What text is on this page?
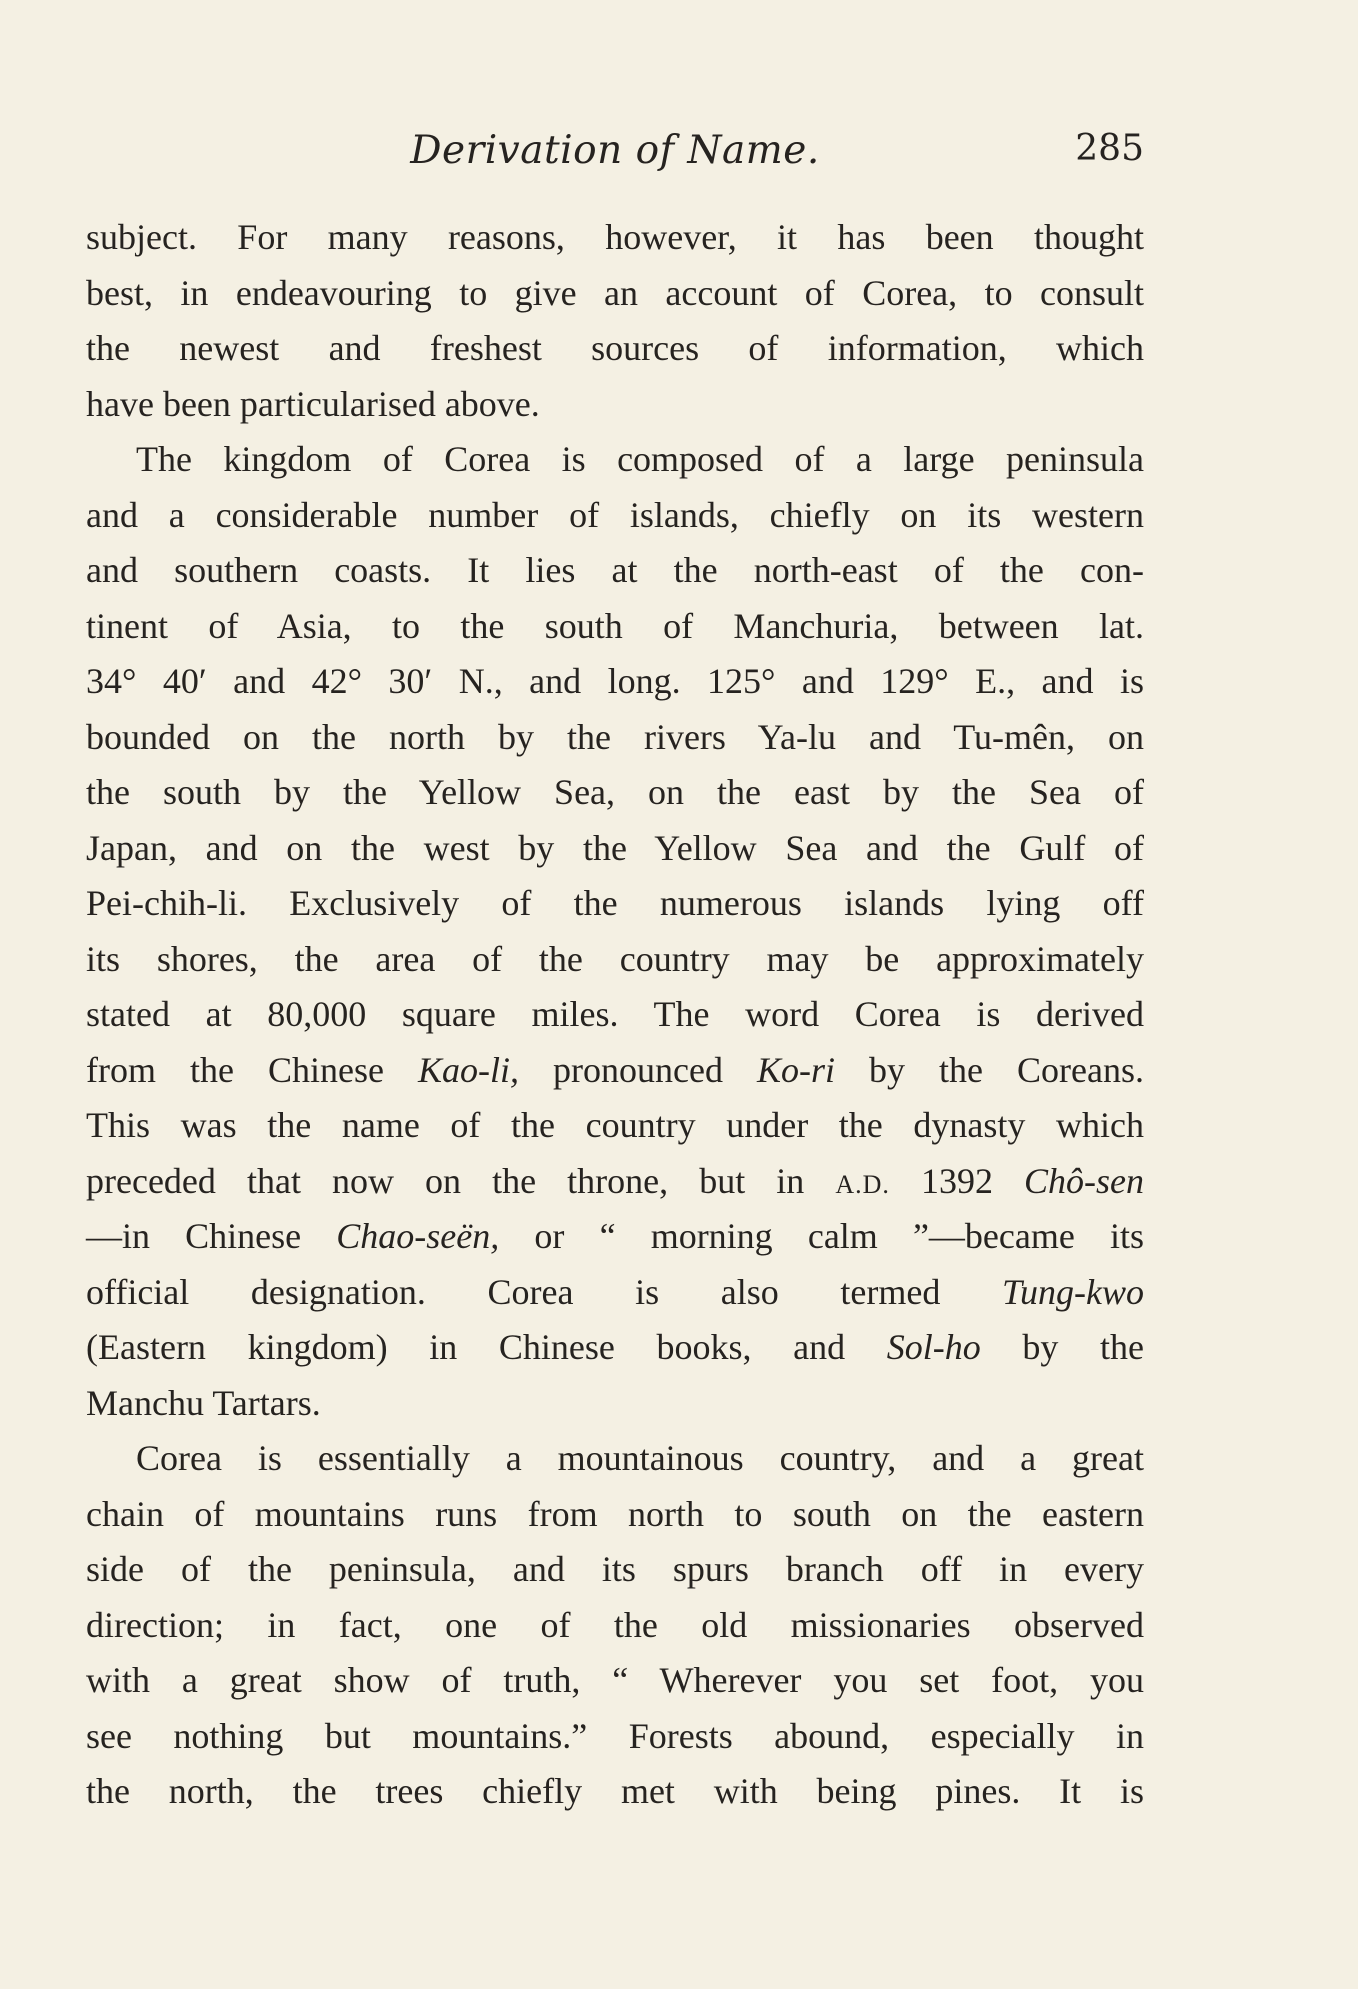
Derivation of Name.	285
subject. For many reasons, however, it has been thought
best, in endeavouring to give an account of Corea, to consult
the newest and freshest sources of information, which
have been particularised above.
The kingdom of Corea is composed of a large peninsula
and a considerable number of islands, chiefly on its western
and southern coasts. It lies at the north-east of the con-
tinent of Asia, to the south of Manchuria, between lat.
34° 40′ and 42° 30′ N., and long. 125° and 129° E., and is
bounded on the north by the rivers Ya-lu and Tu-mên, on
the south by the Yellow Sea, on the east by the Sea of
Japan, and on the west by the Yellow Sea and the Gulf of
Pei-chih-li. Exclusively of the numerous islands lying off
its shores, the area of the country may be approximately
stated at 80,000 square miles. The word Corea is derived
from the Chinese Kao-li, pronounced Ko-ri by the Coreans.
This was the name of the country under the dynasty which
preceded that now on the throne, but in A.D. 1392 Chô-sen
—in Chinese Chao-seën, or “ morning calm ”—became its
official designation. Corea is also termed Tung-kwo
(Eastern kingdom) in Chinese books, and Sol-ho by the
Manchu Tartars.
Corea is essentially a mountainous country, and a great
chain of mountains runs from north to south on the eastern
side of the peninsula, and its spurs branch off in every
direction; in fact, one of the old missionaries observed
with a great show of truth, “ Wherever you set foot, you
see nothing but mountains.” Forests abound, especially in
the north, the trees chiefly met with being pines. It is
